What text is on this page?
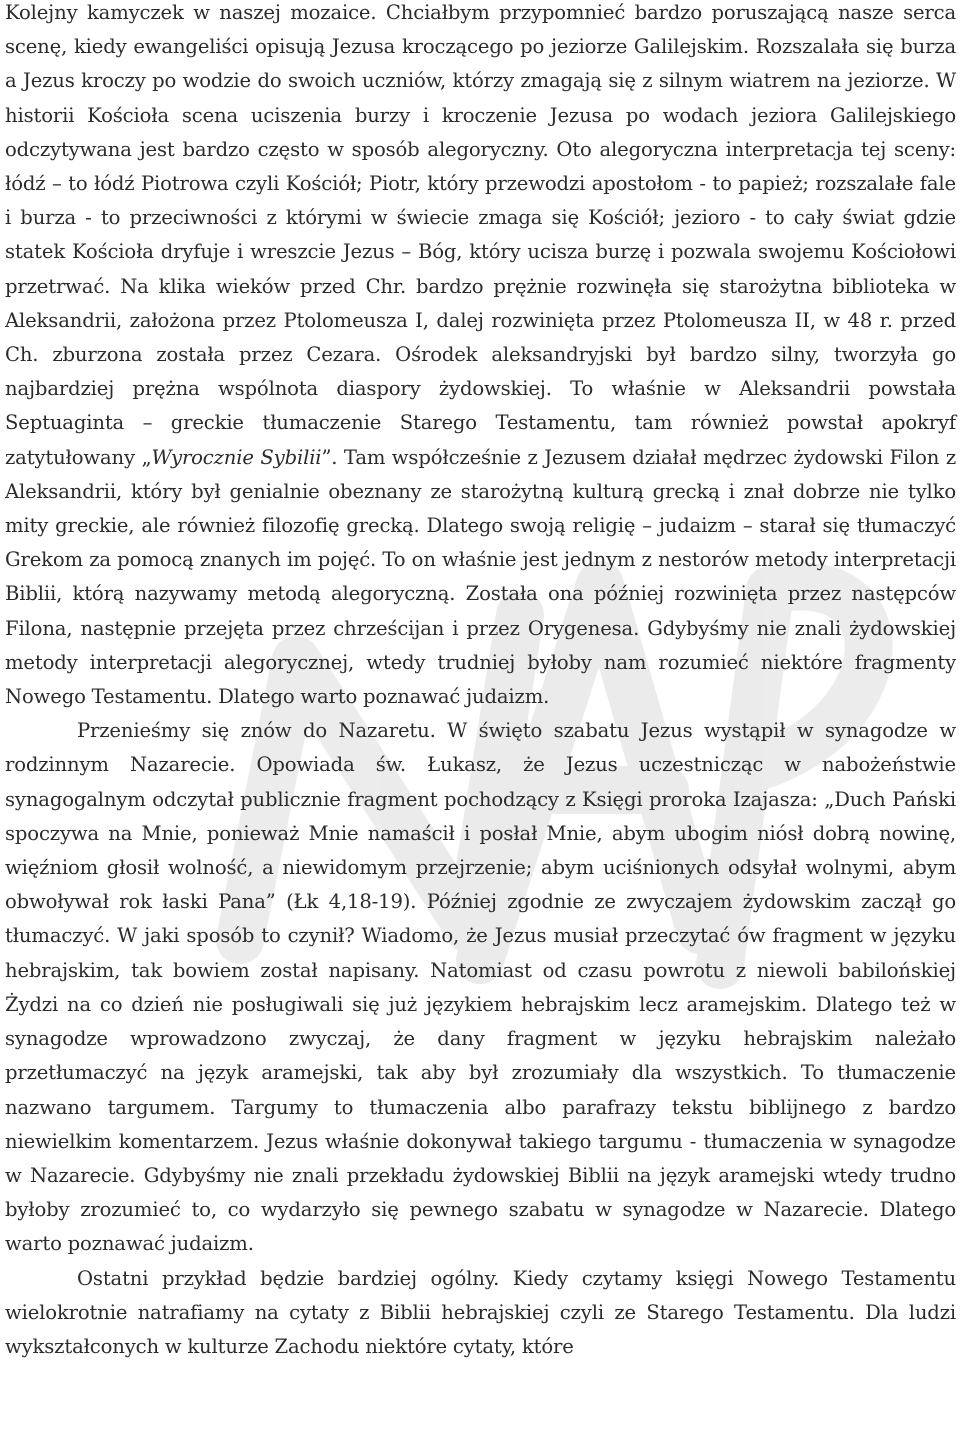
Kolejny kamyczek w naszej mozaice. Chciałbym przypomnieć bardzo poruszającą nasze serca scenę, kiedy ewangeliści opisują Jezusa kroczącego po jeziorze Galilejskim. Rozszalała się burza a Jezus kroczy po wodzie do swoich uczniów, którzy zmagają się z silnym wiatrem na jeziorze. W historii Kościoła scena uciszenia burzy i kroczenie Jezusa po wodach jeziora Galilejskiego odczytywana jest bardzo często w sposób alegoryczny. Oto alegoryczna interpretacja tej sceny: łódź – to łódź Piotrowa czyli Kościół; Piotr, który przewodzi apostołom - to papież; rozszalałe fale i burza - to przeciwności z którymi w świecie zmaga się Kościół; jezioro - to cały świat gdzie statek Kościoła dryfuje i wreszcie Jezus – Bóg, który ucisza burzę i pozwala swojemu Kościołowi przetrwać. Na klika wieków przed Chr. bardzo prężnie rozwinęła się starożytna biblioteka w Aleksandrii, założona przez Ptolomeusza I, dalej rozwinięta przez Ptolomeusza II, w 48 r. przed Ch. zburzona została przez Cezara. Ośrodek aleksandryjski był bardzo silny, tworzyła go najbardziej prężna wspólnota diaspory żydowskiej. To właśnie w Aleksandrii powstała Septuaginta – greckie tłumaczenie Starego Testamentu, tam również powstał apokryf zatytułowany „Wyrocznie Sybilii”. Tam współcześnie z Jezusem działał mędrzec żydowski Filon z Aleksandrii, który był genialnie obeznany ze starożytną kulturą grecką i znał dobrze nie tylko mity greckie, ale również filozofię grecką. Dlatego swoją religię – judaizm – starał się tłumaczyć Grekom za pomocą znanych im pojęć. To on właśnie jest jednym z nestorów metody interpretacji Biblii, którą nazywamy metodą alegoryczną. Została ona później rozwinięta przez następców Filona, następnie przejęta przez chrześcijan i przez Orygenesa. Gdybyśmy nie znali żydowskiej metody interpretacji alegorycznej, wtedy trudniej byłoby nam rozumieć niektóre fragmenty Nowego Testamentu. Dlatego warto poznawać judaizm.

Przenieśmy się znów do Nazaretu. W święto szabatu Jezus wystąpił w synagodze w rodzinnym Nazarecie. Opowiada św. Łukasz, że Jezus uczestnicząc w nabożeństwie synagogalnym odczytał publicznie fragment pochodzący z Księgi proroka Izajasza: „Duch Pański spoczywa na Mnie, ponieważ Mnie namaścił i posłał Mnie, abym ubogim niósł dobrą nowinę, więźniom głosił wolność, a niewidomym przejrzenie; abym uciśnionych odsyłał wolnymi, abym obwoływał rok łaski Pana” (Łk 4,18-19). Później zgodnie ze zwyczajem żydowskim zaczął go tłumaczyć. W jaki sposób to czynił? Wiadomo, że Jezus musiał przeczytać ów fragment w języku hebrajskim, tak bowiem został napisany. Natomiast od czasu powrotu z niewoli babilońskiej Żydzi na co dzień nie posługiwali się już językiem hebrajskim lecz aramejskim. Dlatego też w synagodze wprowadzono zwyczaj, że dany fragment w języku hebrajskim należało przetłumaczyć na język aramejski, tak aby był zrozumiały dla wszystkich. To tłumaczenie nazwano targumem. Targumy to tłumaczenia albo parafrazy tekstu biblijnego z bardzo niewielkim komentarzem. Jezus właśnie dokonywał takiego targumu - tłumaczenia w synagodze w Nazarecie. Gdybyśmy nie znali przekładu żydowskiej Biblii na język aramejski wtedy trudno byłoby zrozumieć to, co wydarzyło się pewnego szabatu w synagodze w Nazarecie. Dlatego warto poznawać judaizm.

Ostatni przykład będzie bardziej ogólny. Kiedy czytamy księgi Nowego Testamentu wielokrotnie natrafiamy na cytaty z Biblii hebrajskiej czyli ze Starego Testamentu. Dla ludzi wykształconych w kulturze Zachodu niektóre cytaty, które
